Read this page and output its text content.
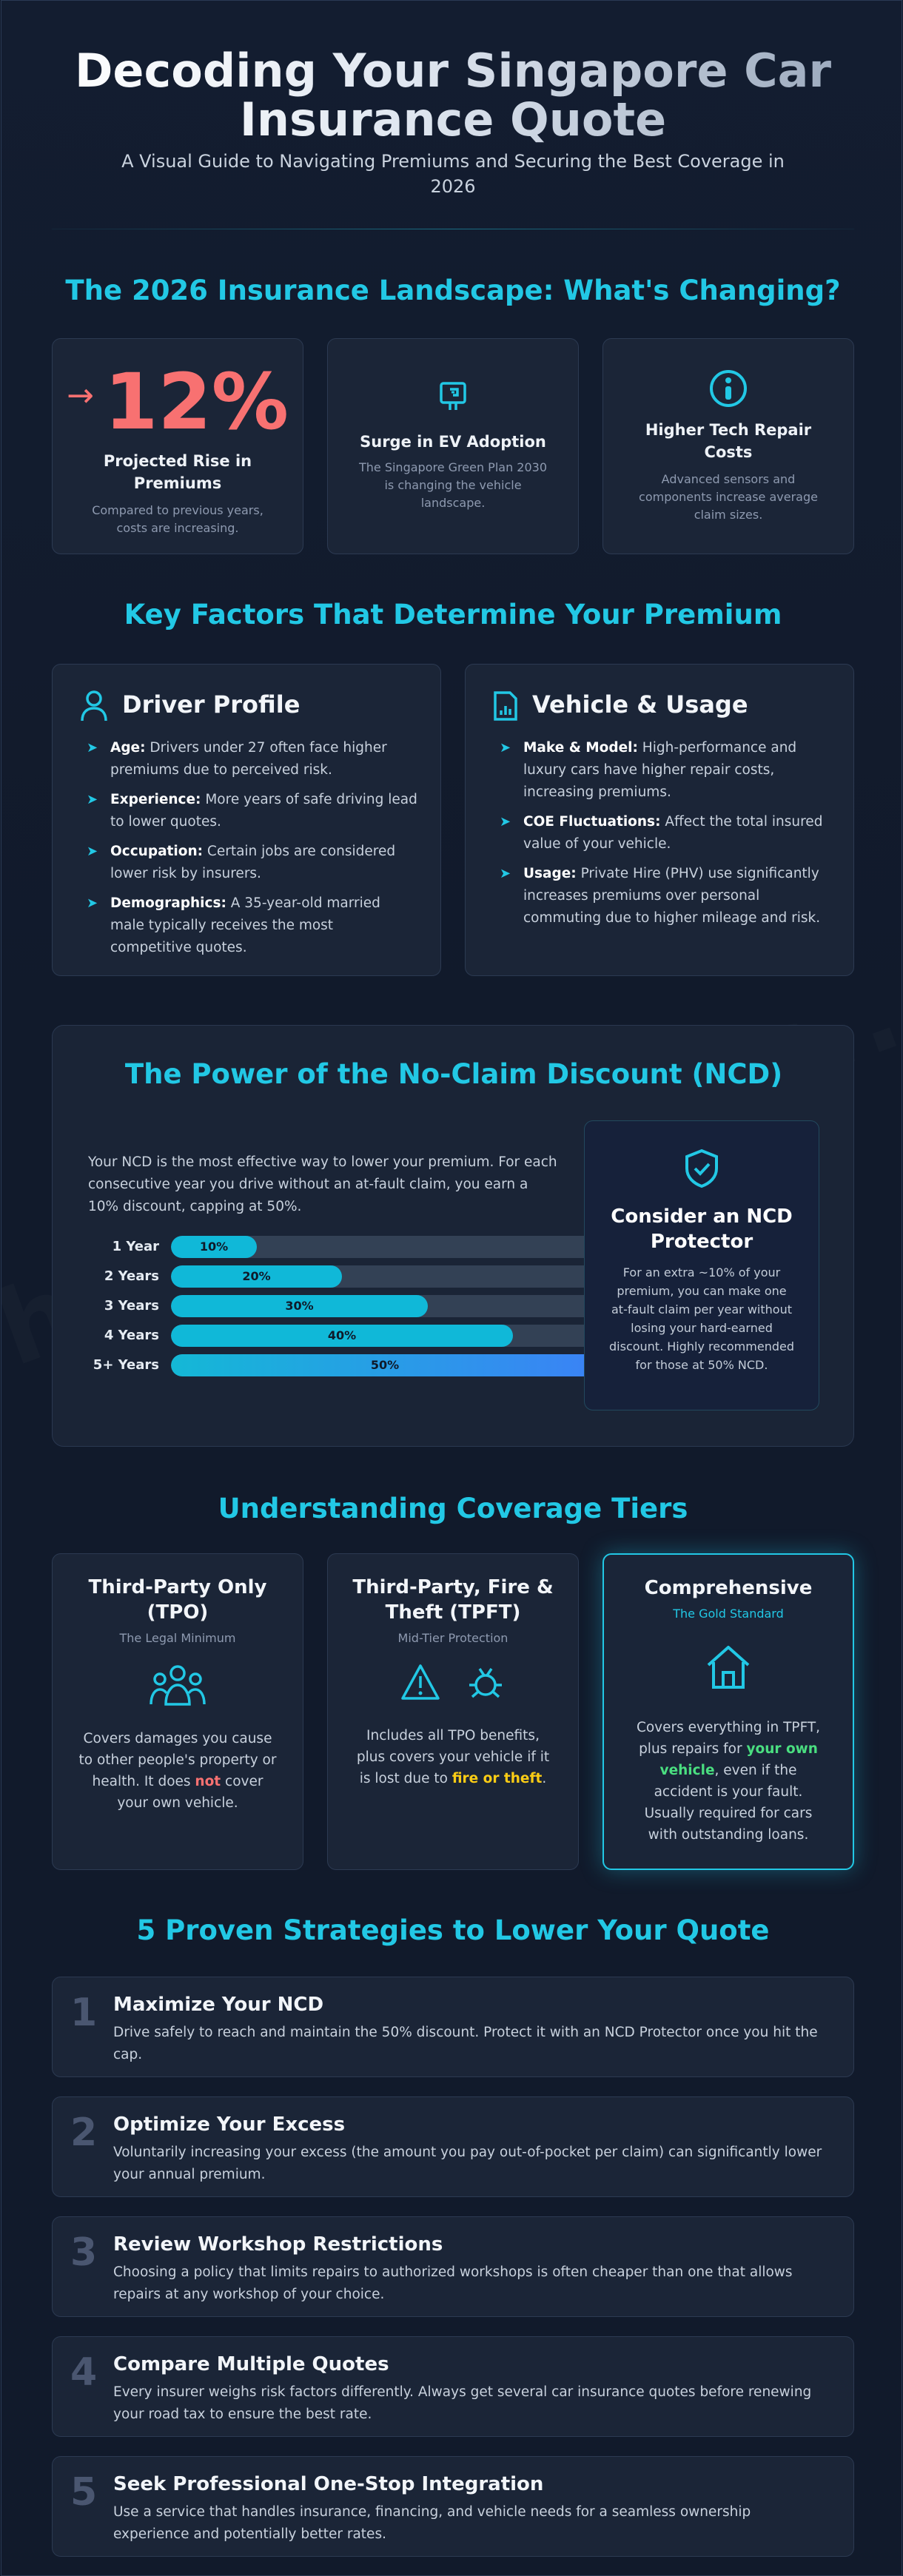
Decoding Your Singapore Car Insurance Quote

A Visual Guide to Navigating Premiums and Securing the Best Coverage in 2026

The 2026 Insurance Landscape: What's Changing?
→ 12%
Projected Rise in Premiums
Compared to previous years, costs are increasing.
Surge in EV Adoption
The Singapore Green Plan 2030 is changing the vehicle landscape.
Higher Tech Repair Costs
Advanced sensors and components increase average claim sizes.
Key Factors That Determine Your Premium
Driver Profile
➤ Age: Drivers under 27 often face higher premiums due to perceived risk.
➤ Experience: More years of safe driving lead to lower quotes.
➤ Occupation: Certain jobs are considered lower risk by insurers.
➤ Demographics: A 35-year-old married male typically receives the most competitive quotes.
Vehicle & Usage
➤ Make & Model: High-performance and luxury cars have higher repair costs, increasing premiums.
➤ COE Fluctuations: Affect the total insured value of your vehicle.
➤ Usage: Private Hire (PHV) use significantly increases premiums over personal commuting due to higher mileage and risk.
The Power of the No-Claim Discount (NCD)

Your NCD is the most effective way to lower your premium. For each consecutive year you drive without an at-fault claim, you earn a 10% discount, capping at 50%.

1 Year	10%
2 Years	20%
3 Years	30%
4 Years	40%
5+ Years	50%
Consider an NCD Protector
For an extra ~10% of your premium, you can make one at-fault claim per year without losing your hard-earned discount. Highly recommended for those at 50% NCD.
Understanding Coverage Tiers
Third-Party Only (TPO)
The Legal Minimum
Covers damages you cause to other people's property or health. It does not cover your own vehicle.
Third-Party, Fire & Theft (TPFT)
Mid-Tier Protection

Includes all TPO benefits, plus covers your vehicle if it is lost due to fire or theft.
Comprehensive
The Gold Standard
Covers everything in TPFT, plus repairs for your own vehicle, even if the accident is your fault. Usually required for cars with outstanding loans.
5 Proven Strategies to Lower Your Quote
1 Maximize Your NCD
Drive safely to reach and maintain the 50% discount. Protect it with an NCD Protector once you hit the cap.
2 Optimize Your Excess
Voluntarily increasing your excess (the amount you pay out-of-pocket per claim) can significantly lower your annual premium.
3 Review Workshop Restrictions
Choosing a policy that limits repairs to authorized workshops is often cheaper than one that allows repairs at any workshop of your choice.
4 Compare Multiple Quotes
Every insurer weighs risk factors differently. Always get several car insurance quotes before renewing your road tax to ensure the best rate.
5 Seek Professional One-Stop Integration
Use a service that handles insurance, financing, and vehicle needs for a seamless ownership experience and potentially better rates.
